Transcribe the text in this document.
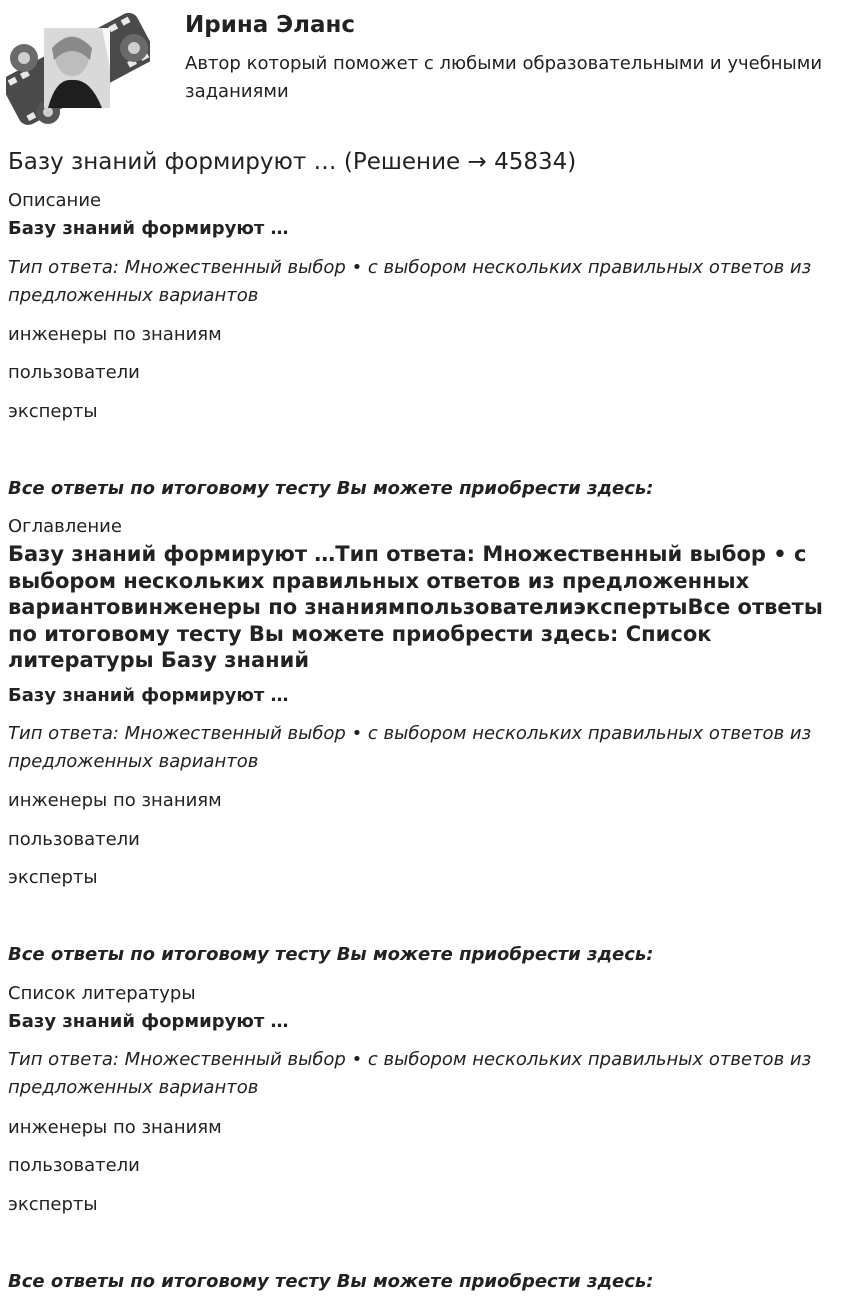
Ирина Эланс
Автор который поможет с любыми образовательными и учебными заданиями
Базу знаний формируют … (Решение → 45834)
Описание
Базу знаний формируют …
Тип ответа: Множественный выбор • с выбором нескольких правильных ответов из предложенных вариантов
инженеры по знаниям
пользователи
эксперты
Все ответы по итоговому тесту Вы можете приобрести здесь:
Оглавление
Базу знаний формируют …Тип ответа: Множественный выбор • с выбором нескольких правильных ответов из предложенных вариантовинженеры по знаниямпользователиэкспертыВсе ответы по итоговому тесту Вы можете приобрести здесь: Список литературы Базу знаний
Базу знаний формируют …
Тип ответа: Множественный выбор • с выбором нескольких правильных ответов из предложенных вариантов
инженеры по знаниям
пользователи
эксперты
Все ответы по итоговому тесту Вы можете приобрести здесь:
Список литературы
Базу знаний формируют …
Тип ответа: Множественный выбор • с выбором нескольких правильных ответов из предложенных вариантов
инженеры по знаниям
пользователи
эксперты
Все ответы по итоговому тесту Вы можете приобрести здесь:
